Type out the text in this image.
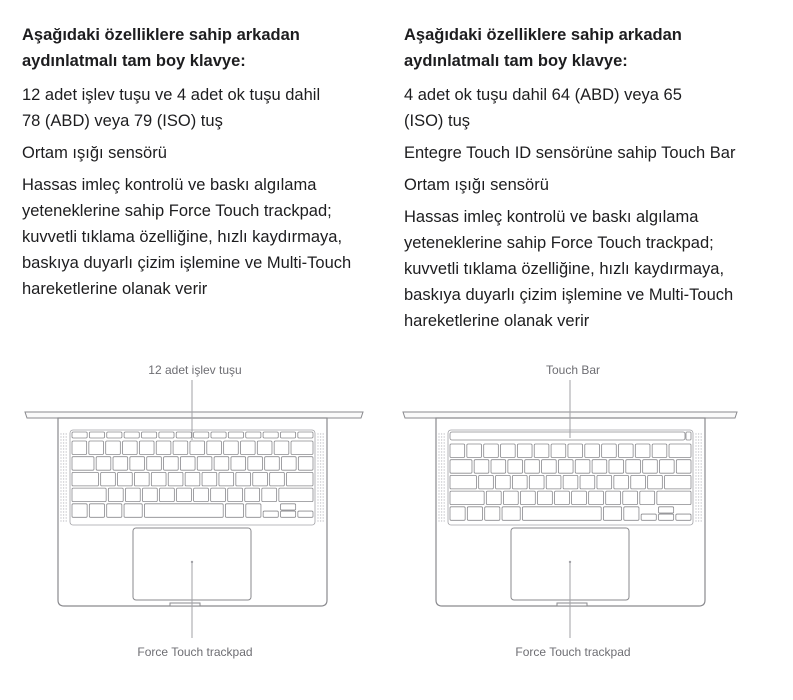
Aşağıdaki özelliklere sahip arkadan aydınlatmalı tam boy klavye:

12 adet işlev tuşu ve 4 adet ok tuşu dahil 78 (ABD) veya 79 (ISO) tuş

Ortam ışığı sensörü

Hassas imleç kontrolü ve baskı algılama yeteneklerine sahip Force Touch trackpad; kuvvetli tıklama özelliğine, hızlı kaydırmaya, baskıya duyarlı çizim işlemine ve Multi-Touch hareketlerine olanak verir

Aşağıdaki özelliklere sahip arkadan aydınlatmalı tam boy klavye:

4 adet ok tuşu dahil 64 (ABD) veya 65 (ISO) tuş

Entegre Touch ID sensörüne sahip Touch Bar

Ortam ışığı sensörü

Hassas imleç kontrolü ve baskı algılama yeteneklerine sahip Force Touch trackpad; kuvvetli tıklama özelliğine, hızlı kaydırmaya, baskıya duyarlı çizim işlemine ve Multi-Touch hareketlerine olanak verir

12 adet işlev tuşu
Force Touch trackpad
Touch Bar
Force Touch trackpad
